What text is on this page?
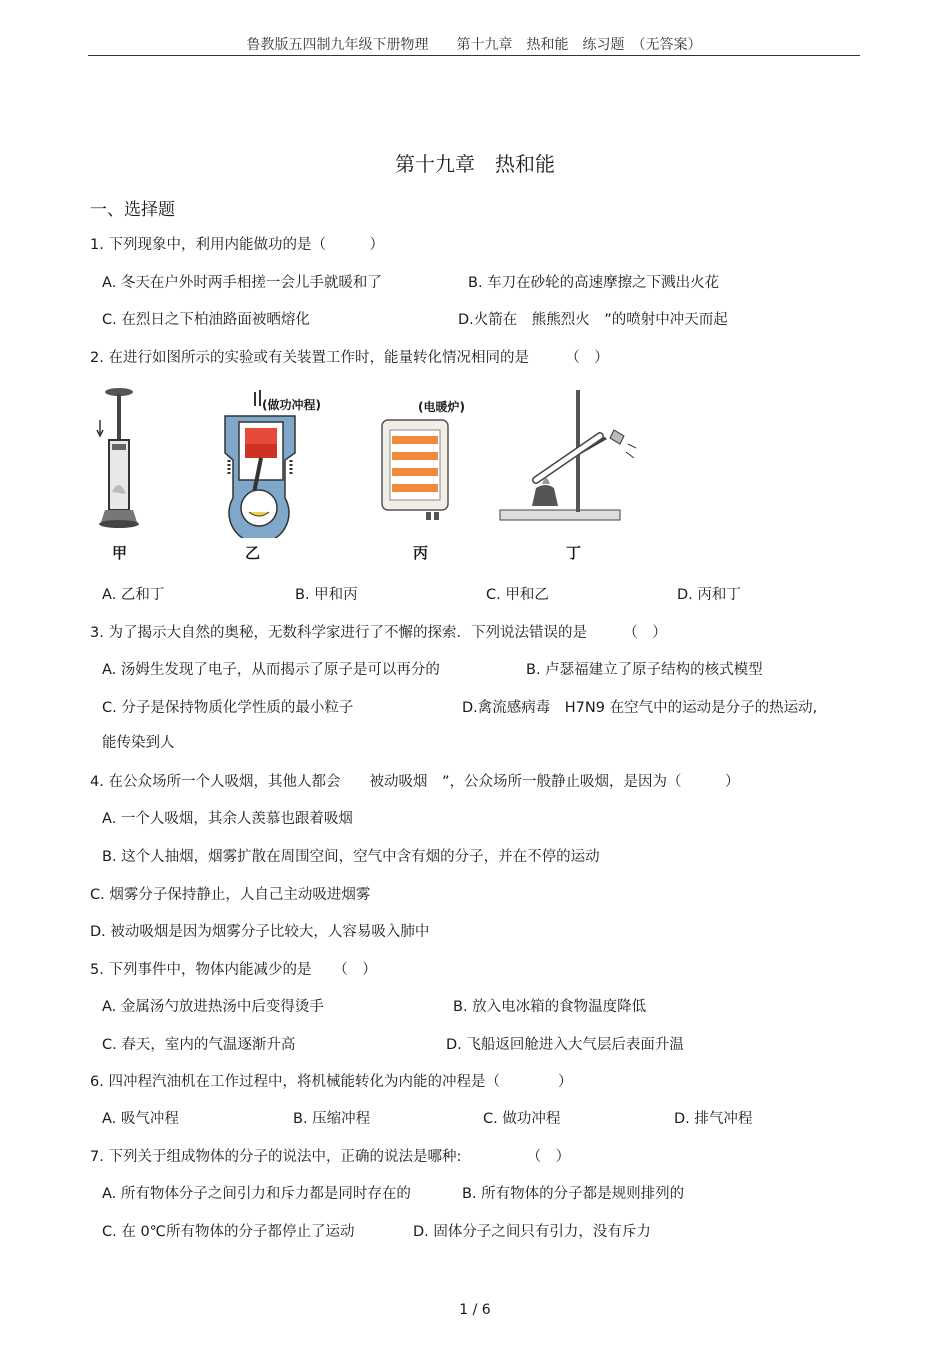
鲁教版五四制九年级下册物理　　第十九章　热和能　练习题　（无答案）
第十九章　热和能
一、选择题
1. 下列现象中，利用内能做功的是（　　　）
A. 冬天在户外时两手相搓一会儿手就暖和了	B. 车刀在砂轮的高速摩擦之下溅出火花
C. 在烈日之下柏油路面被晒熔化	D.火箭在　熊熊烈火　”的喷射中冲天而起
2. 在进行如图所示的实验或有关装置工作时，能量转化情况相同的是　　　（　）
(做功冲程)	(电暖炉)
甲	乙	丙	丁
A. 乙和丁	B. 甲和丙	C. 甲和乙	D. 丙和丁
3. 为了揭示大自然的奥秘，无数科学家进行了不懈的探索．下列说法错误的是　　　（　）
A. 汤姆生发现了电子，从而揭示了原子是可以再分的	B. 卢瑟福建立了原子结构的核式模型
C. 分子是保持物质化学性质的最小粒子	D.禽流感病毒　H7N9 在空气中的运动是分子的热运动,
能传染到人
4. 在公众场所一个人吸烟，其他人都会　　被动吸烟　”，公众场所一般静止吸烟，是因为（　　　）
A. 一个人吸烟，其余人羡慕也跟着吸烟
B. 这个人抽烟，烟雾扩散在周围空间，空气中含有烟的分子，并在不停的运动
C. 烟雾分子保持静止，人自己主动吸进烟雾
D. 被动吸烟是因为烟雾分子比较大，人容易吸入肺中
5. 下列事件中，物体内能减少的是　　（　）
A. 金属汤勺放进热汤中后变得烫手	B. 放入电冰箱的食物温度降低
C. 春天，室内的气温逐渐升高	D. 飞船返回舱进入大气层后表面升温
6. 四冲程汽油机在工作过程中，将机械能转化为内能的冲程是（　　　　）
A. 吸气冲程	B. 压缩冲程	C. 做功冲程	D. 排气冲程
7. 下列关于组成物体的分子的说法中，正确的说法是哪种:　　　　　（　）
A. 所有物体分子之间引力和斥力都是同时存在的	B. 所有物体的分子都是规则排列的
C. 在 0℃所有物体的分子都停止了运动	D. 固体分子之间只有引力，没有斥力
1 / 6
